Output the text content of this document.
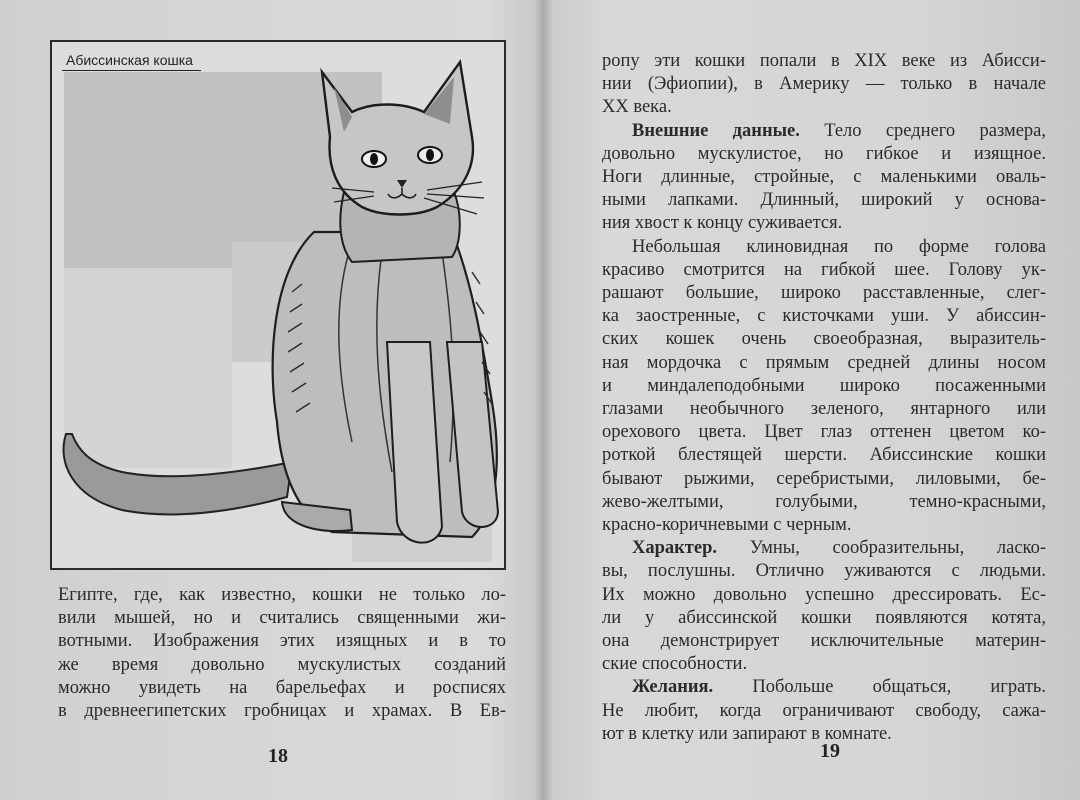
Абиссинская кошка
Египте, где, как известно, кошки не только ло-
вили мышей, но и считались священными жи-
вотными. Изображения этих изящных и в то
же время довольно мускулистых созданий
можно увидеть на барельефах и росписях
в древнеегипетских гробницах и храмах. В Ев-
18
ропу эти кошки попали в XIX веке из Абисси-
нии (Эфиопии), в Америку — только в начале
XX века.
Внешние данные. Тело среднего размера,
довольно мускулистое, но гибкое и изящное.
Ноги длинные, стройные, с маленькими оваль-
ными лапками. Длинный, широкий у основа-
ния хвост к концу суживается.
Небольшая клиновидная по форме голова
красиво смотрится на гибкой шее. Голову ук-
рашают большие, широко расставленные, слег-
ка заостренные, с кисточками уши. У абиссин-
ских кошек очень своеобразная, выразитель-
ная мордочка с прямым средней длины носом
и миндалеподобными широко посаженными
глазами необычного зеленого, янтарного или
орехового цвета. Цвет глаз оттенен цветом ко-
роткой блестящей шерсти. Абиссинские кошки
бывают рыжими, серебристыми, лиловыми, бе-
жево-желтыми, голубыми, темно-красными,
красно-коричневыми с черным.
Характер. Умны, сообразительны, ласко-
вы, послушны. Отлично уживаются с людьми.
Их можно довольно успешно дрессировать. Ес-
ли у абиссинской кошки появляются котята,
она демонстрирует исключительные материн-
ские способности.
Желания. Побольше общаться, играть.
Не любит, когда ограничивают свободу, сажа-
ют в клетку или запирают в комнате.
19
